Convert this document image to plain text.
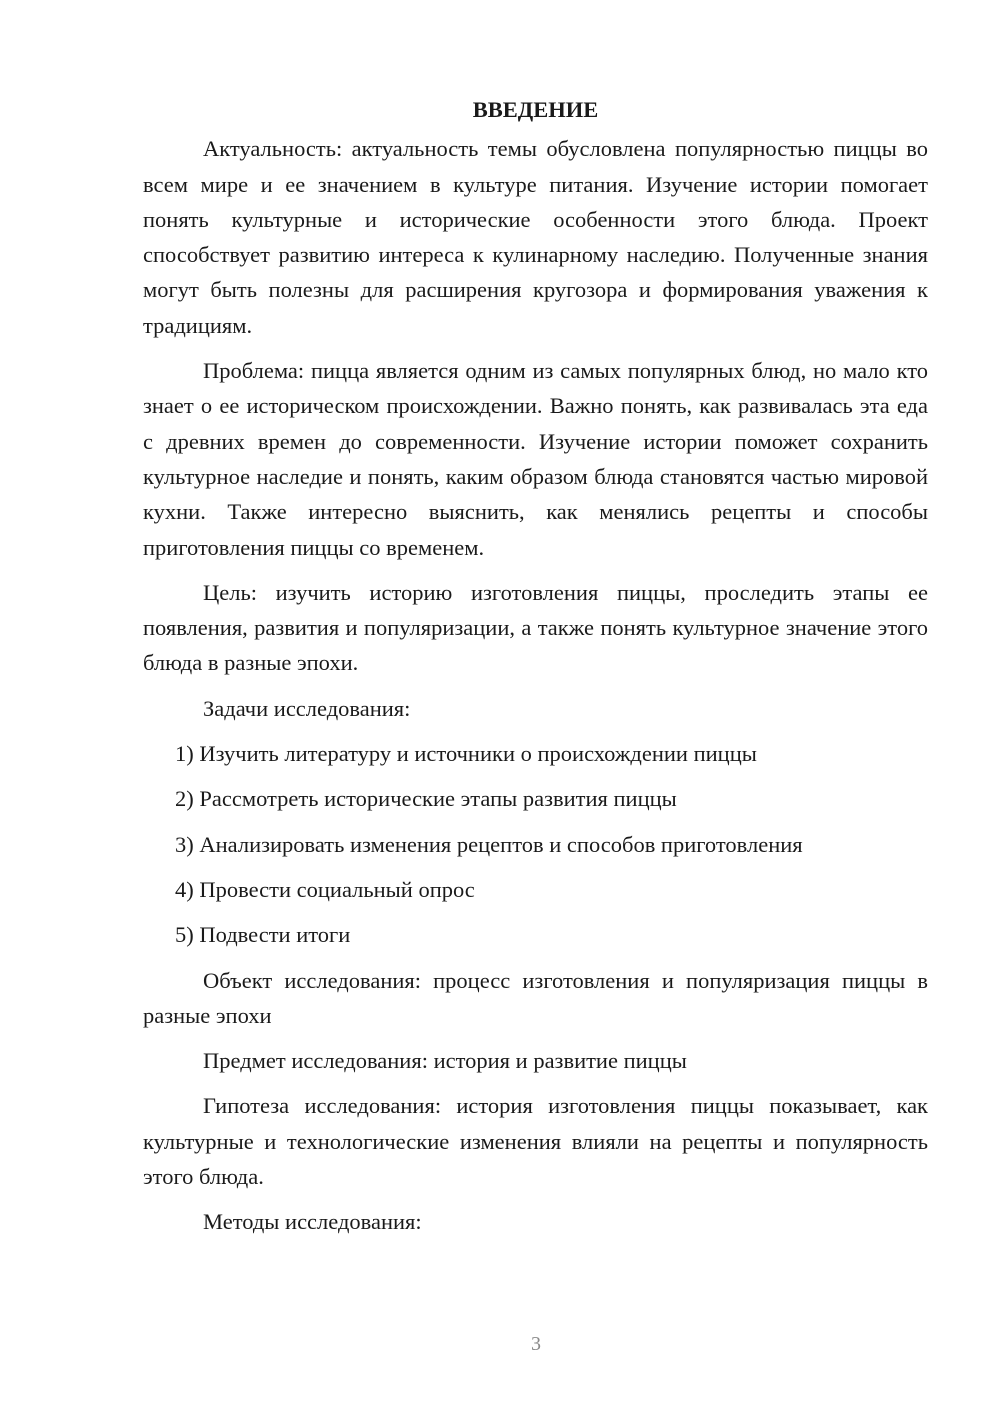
ВВЕДЕНИЕ

Актуальность: актуальность темы обусловлена популярностью пиццы во всем мире и ее значением в культуре питания. Изучение истории помогает понять культурные и исторические особенности этого блюда. Проект способствует развитию интереса к кулинарному наследию. Полученные знания могут быть полезны для расширения кругозора и формирования уважения к традициям.

Проблема: пицца является одним из самых популярных блюд, но мало кто знает о ее историческом происхождении. Важно понять, как развивалась эта еда с древних времен до современности. Изучение истории поможет сохранить культурное наследие и понять, каким образом блюда становятся частью мировой кухни. Также интересно выяснить, как менялись рецепты и способы приготовления пиццы со временем.

Цель: изучить историю изготовления пиццы, проследить этапы ее появления, развития и популяризации, а также понять культурное значение этого блюда в разные эпохи.

Задачи исследования:

1) Изучить литературу и источники о происхождении пиццы

2) Рассмотреть исторические этапы развития пиццы

3) Анализировать изменения рецептов и способов приготовления

4) Провести социальный опрос

5) Подвести итоги

Объект исследования: процесс изготовления и популяризация пиццы в разные эпохи

Предмет исследования: история и развитие пиццы

Гипотеза исследования: история изготовления пиццы показывает, как культурные и технологические изменения влияли на рецепты и популярность этого блюда.

Методы исследования:

3
